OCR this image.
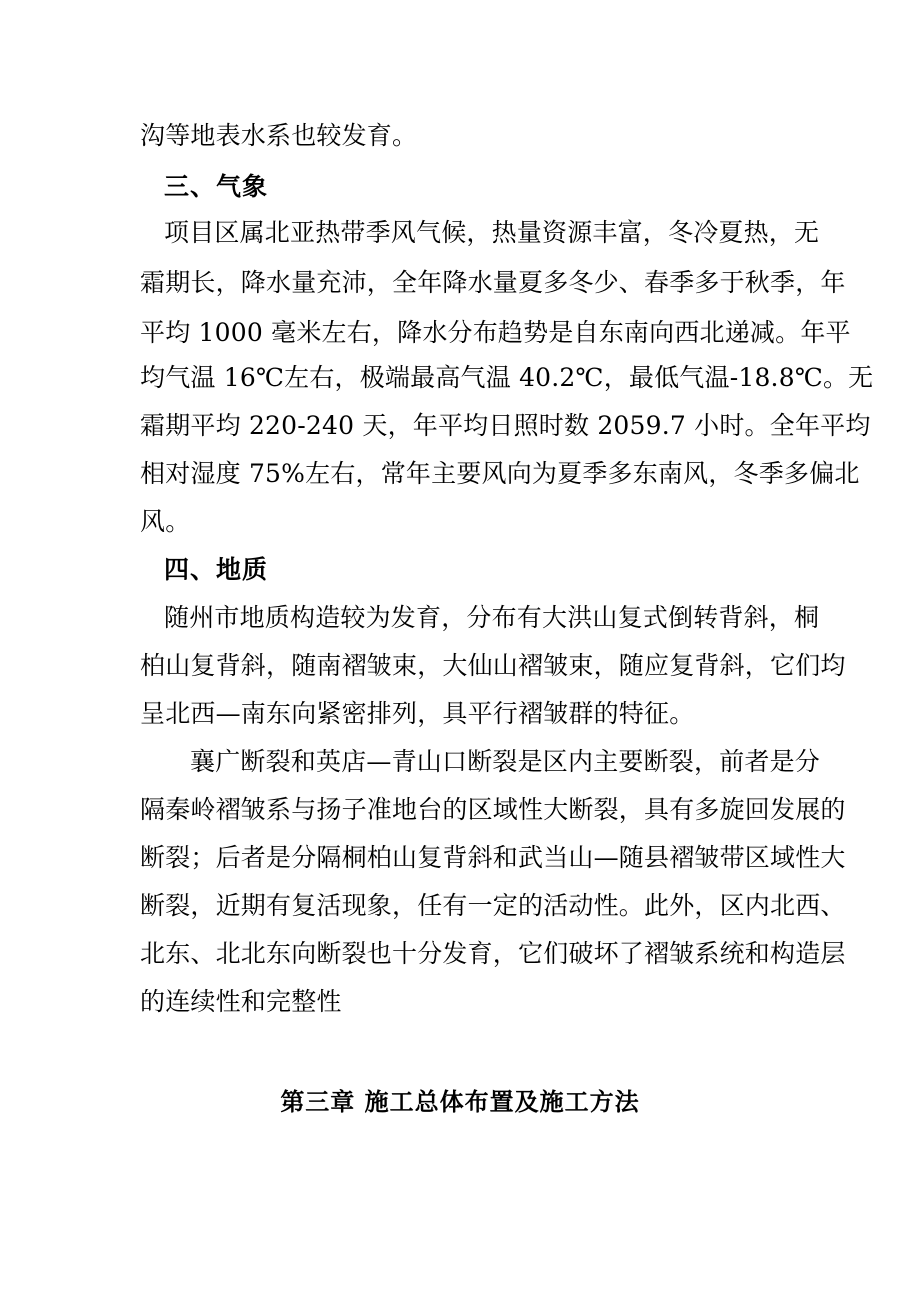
沟等地表水系也较发育。
三、气象
项目区属北亚热带季风气候，热量资源丰富，冬冷夏热，无
霜期长，降水量充沛，全年降水量夏多冬少、春季多于秋季，年
平均 1000 毫米左右，降水分布趋势是自东南向西北递减。年平
均气温 16℃左右，极端最高气温 40.2℃，最低气温-18.8℃。无
霜期平均 220-240 天，年平均日照时数 2059.7 小时。全年平均
相对湿度 75%左右，常年主要风向为夏季多东南风，冬季多偏北
风。
四、地质
随州市地质构造较为发育，分布有大洪山复式倒转背斜，桐
柏山复背斜，随南褶皱束，大仙山褶皱束，随应复背斜，它们均
呈北西—南东向紧密排列，具平行褶皱群的特征。
襄广断裂和英店—青山口断裂是区内主要断裂，前者是分
隔秦岭褶皱系与扬子准地台的区域性大断裂，具有多旋回发展的
断裂；后者是分隔桐柏山复背斜和武当山—随县褶皱带区域性大
断裂，近期有复活现象，任有一定的活动性。此外，区内北西、
北东、北北东向断裂也十分发育，它们破坏了褶皱系统和构造层
的连续性和完整性
第三章 施工总体布置及施工方法
